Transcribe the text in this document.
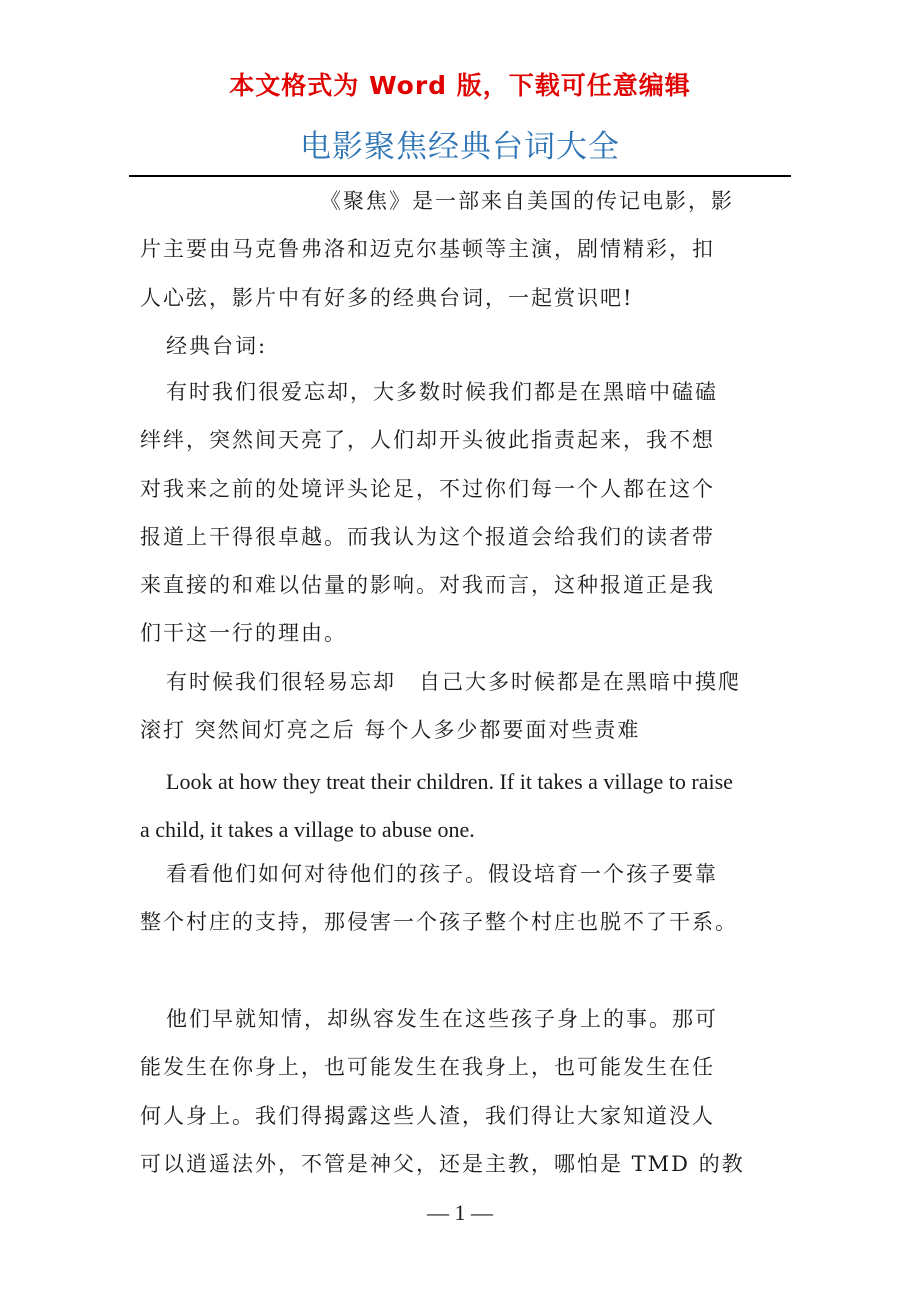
本文格式为 Word 版，下载可任意编辑
电影聚焦经典台词大全

《聚焦》是一部来自美国的传记电影，影

片主要由马克鲁弗洛和迈克尔基顿等主演，剧情精彩，扣

人心弦，影片中有好多的经典台词，一起赏识吧!

经典台词:

有时我们很爱忘却，大多数时候我们都是在黑暗中磕磕

绊绊，突然间天亮了，人们却开头彼此指责起来，我不想

对我来之前的处境评头论足，不过你们每一个人都在这个

报道上干得很卓越。而我认为这个报道会给我们的读者带

来直接的和难以估量的影响。对我而言，这种报道正是我

们干这一行的理由。

有时候我们很轻易忘却　自己大多时候都是在黑暗中摸爬

滚打 突然间灯亮之后 每个人多少都要面对些责难

Look at how they treat their children. If it takes a village to raise

a child, it takes a village to abuse one.

看看他们如何对待他们的孩子。假设培育一个孩子要靠

整个村庄的支持，那侵害一个孩子整个村庄也脱不了干系。

他们早就知情，却纵容发生在这些孩子身上的事。那可

能发生在你身上，也可能发生在我身上，也可能发生在任

何人身上。我们得揭露这些人渣，我们得让大家知道没人

可以逍遥法外，不管是神父，还是主教，哪怕是 TMD 的教

— 1 —
